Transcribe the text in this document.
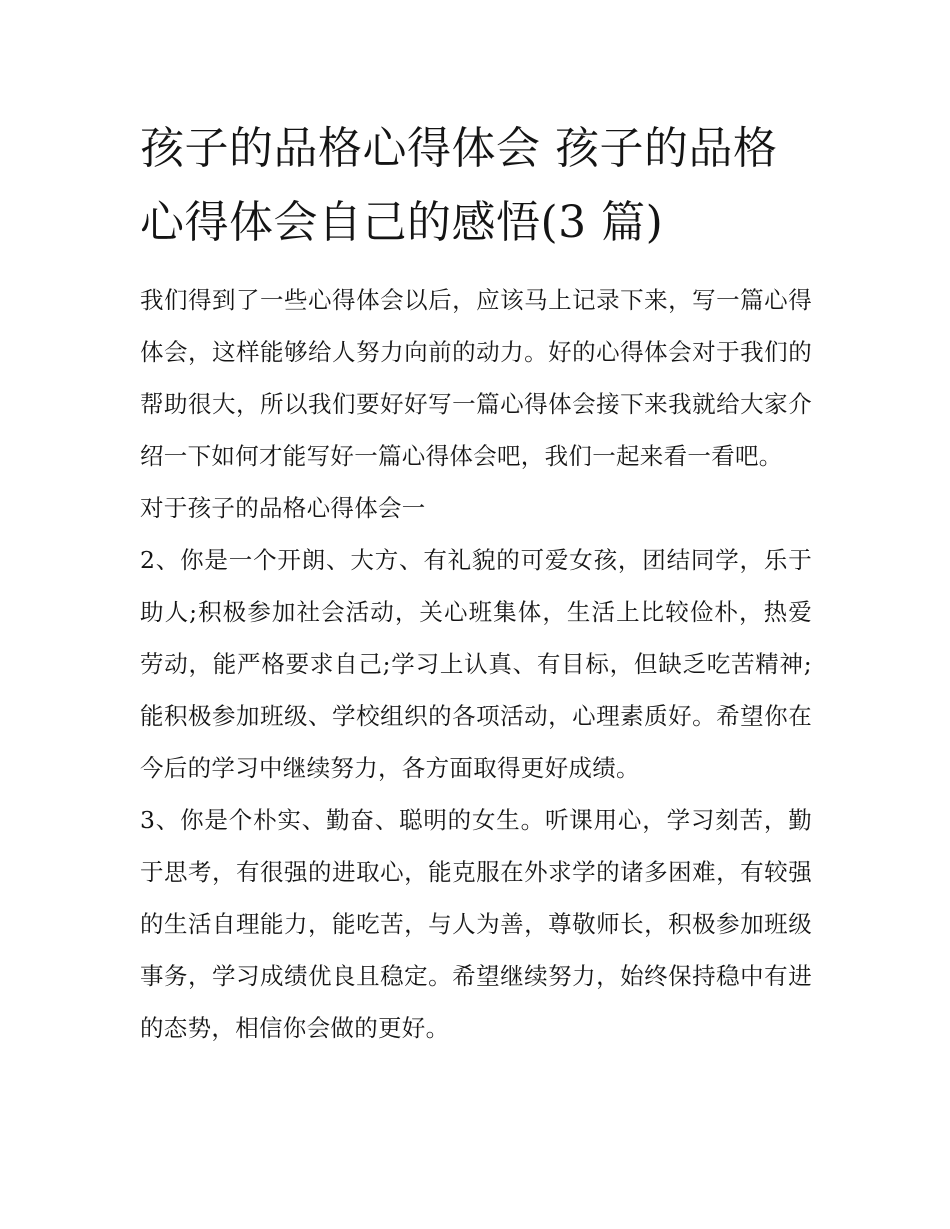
孩子的品格心得体会 孩子的品格心得体会自己的感悟(3 篇)

我们得到了一些心得体会以后，应该马上记录下来，写一篇心得体会，这样能够给人努力向前的动力。好的心得体会对于我们的帮助很大，所以我们要好好写一篇心得体会接下来我就给大家介绍一下如何才能写好一篇心得体会吧，我们一起来看一看吧。

对于孩子的品格心得体会一

2、你是一个开朗、大方、有礼貌的可爱女孩，团结同学，乐于助人;积极参加社会活动，关心班集体，生活上比较俭朴，热爱劳动，能严格要求自己;学习上认真、有目标，但缺乏吃苦精神;能积极参加班级、学校组织的各项活动，心理素质好。希望你在今后的学习中继续努力，各方面取得更好成绩。

3、你是个朴实、勤奋、聪明的女生。听课用心，学习刻苦，勤于思考，有很强的进取心，能克服在外求学的诸多困难，有较强的生活自理能力，能吃苦，与人为善，尊敬师长，积极参加班级事务，学习成绩优良且稳定。希望继续努力，始终保持稳中有进的态势，相信你会做的更好。
